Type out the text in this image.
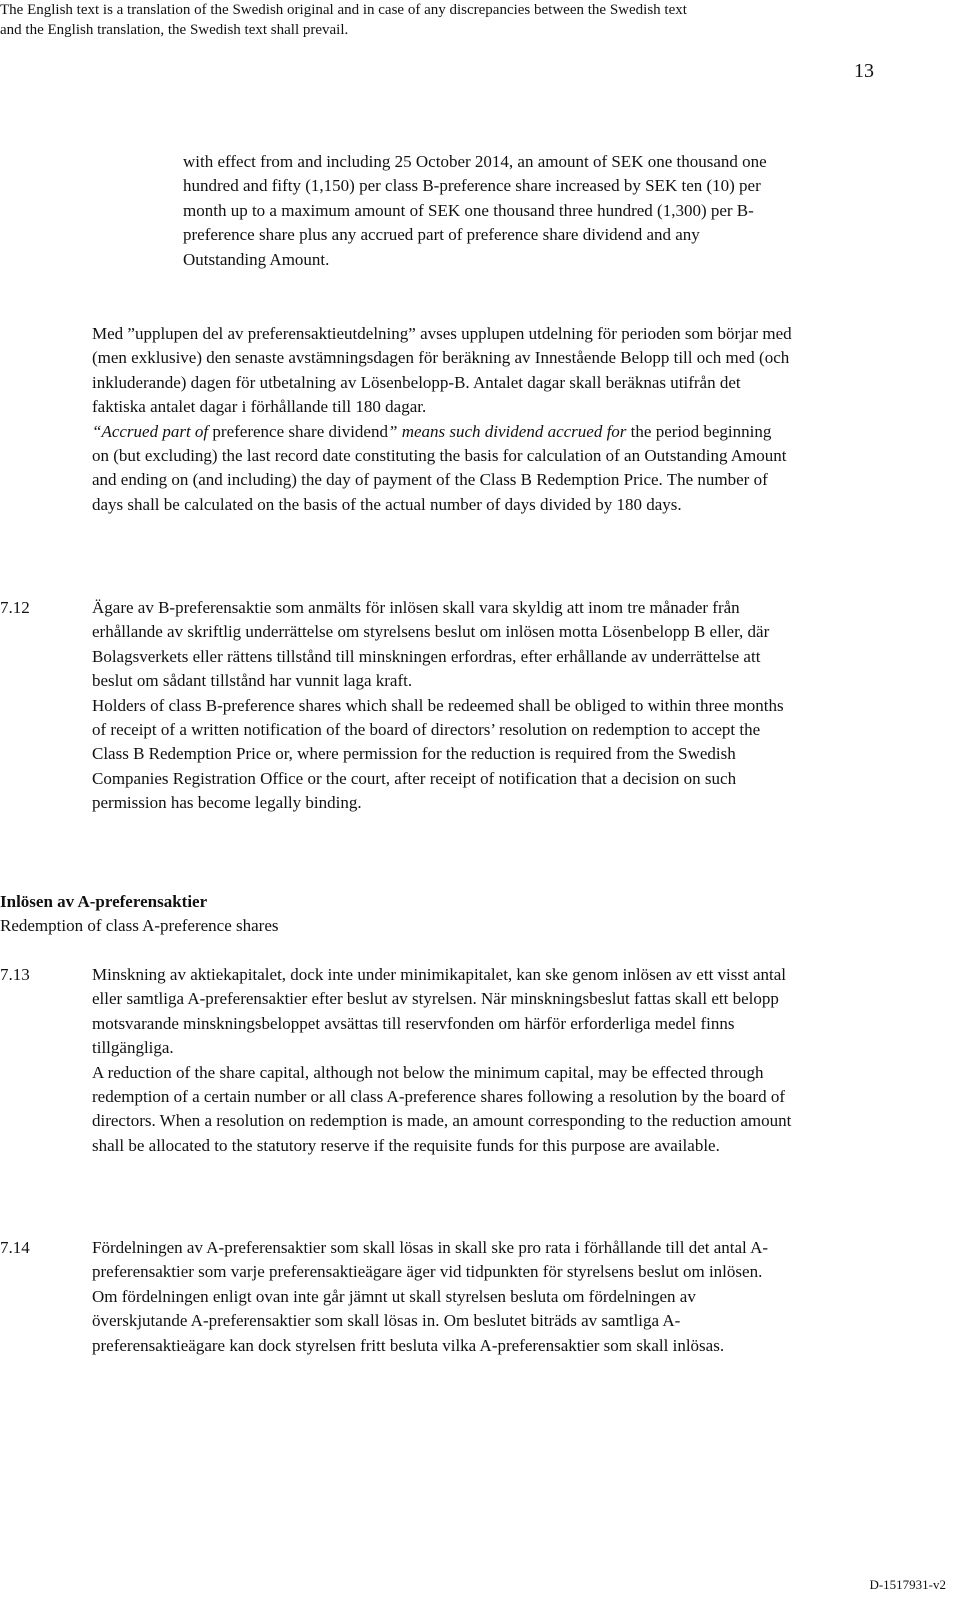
The English text is a translation of the Swedish original and in case of any discrepancies between the Swedish text
and the English translation, the Swedish text shall prevail.
13

with effect from and including 25 October 2014, an amount of SEK one thousand one hundred and fifty (1,150) per class B-preference share increased by SEK ten (10) per month up to a maximum amount of SEK one thousand three hundred (1,300) per B-preference share plus any accrued part of preference share dividend and any Outstanding Amount.

Med ”upplupen del av preferensaktieutdelning” avses upplupen utdelning för perioden som börjar med (men exklusive) den senaste avstämningsdagen för beräkning av Innestående Belopp till och med (och inkluderande) dagen för utbetalning av Lösenbelopp-B. Antalet dagar skall beräknas utifrån det faktiska antalet dagar i förhållande till 180 dagar.

“Accrued part of preference share dividend” means such dividend accrued for the period beginning on (but excluding) the last record date constituting the basis for calculation of an Outstanding Amount and ending on (and including) the day of payment of the Class B Redemption Price. The number of days shall be calculated on the basis of the actual number of days divided by 180 days.

7.12	Ägare av B-preferensaktie som anmälts för inlösen skall vara skyldig att inom tre månader från erhållande av skriftlig underrättelse om styrelsens beslut om inlösen motta Lösenbelopp B eller, där Bolagsverkets eller rättens tillstånd till minskningen erfordras, efter erhållande av underrättelse att beslut om sådant tillstånd har vunnit laga kraft.

Holders of class B-preference shares which shall be redeemed shall be obliged to within three months of receipt of a written notification of the board of directors’ resolution on redemption to accept the Class B Redemption Price or, where permission for the reduction is required from the Swedish Companies Registration Office or the court, after receipt of notification that a decision on such permission has become legally binding.

Inlösen av A-preferensaktier

Redemption of class A-preference shares

7.13	Minskning av aktiekapitalet, dock inte under minimikapitalet, kan ske genom inlösen av ett visst antal eller samtliga A-preferensaktier efter beslut av styrelsen. När minskningsbeslut fattas skall ett belopp motsvarande minskningsbeloppet avsättas till reservfonden om härför erforderliga medel finns tillgängliga.

A reduction of the share capital, although not below the minimum capital, may be effected through redemption of a certain number or all class A-preference shares following a resolution by the board of directors. When a resolution on redemption is made, an amount corresponding to the reduction amount shall be allocated to the statutory reserve if the requisite funds for this purpose are available.

7.14	Fördelningen av A-preferensaktier som skall lösas in skall ske pro rata i förhållande till det antal A-preferensaktier som varje preferensaktieägare äger vid tidpunkten för styrelsens beslut om inlösen. Om fördelningen enligt ovan inte går jämnt ut skall styrelsen besluta om fördelningen av överskjutande A-preferensaktier som skall lösas in. Om beslutet biträds av samtliga A-preferensaktieägare kan dock styrelsen fritt besluta vilka A-preferensaktier som skall inlösas.

D-1517931-v2
